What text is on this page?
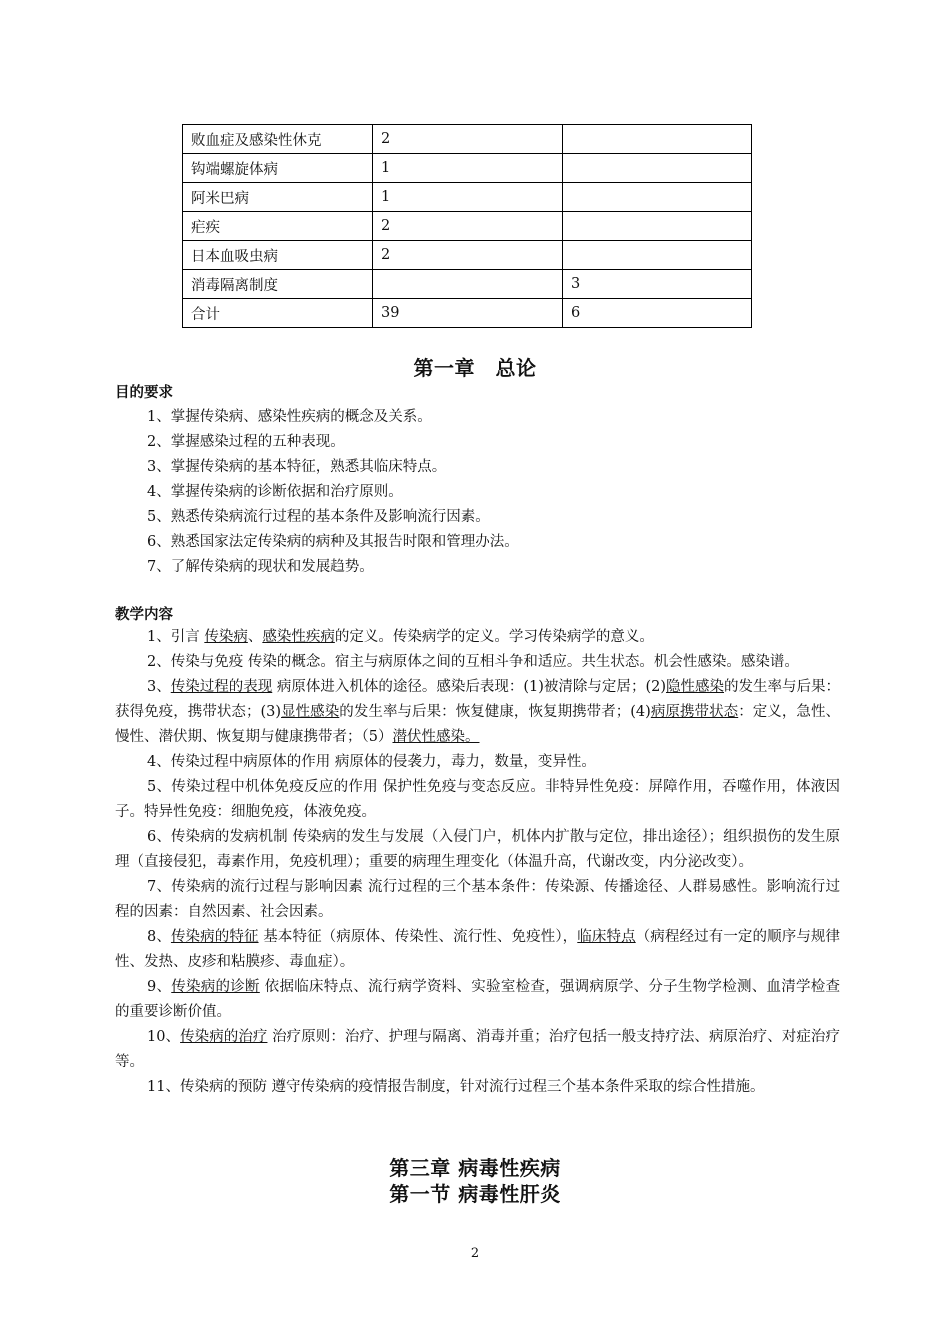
败血症及感染性休克	2	
钩端螺旋体病	1	
阿米巴病	1	
疟疾	2	
日本血吸虫病	2	
消毒隔离制度		3
合计	39	6
第一章　总论
目的要求
1、掌握传染病、感染性疾病的概念及关系。
2、掌握感染过程的五种表现。
3、掌握传染病的基本特征，熟悉其临床特点。
4、掌握传染病的诊断依据和治疗原则。
5、熟悉传染病流行过程的基本条件及影响流行因素。
6、熟悉国家法定传染病的病种及其报告时限和管理办法。
7、了解传染病的现状和发展趋势。
教学内容

1、引言 传染病、感染性疾病的定义。传染病学的定义。学习传染病学的意义。

2、传染与免疫 传染的概念。宿主与病原体之间的互相斗争和适应。共生状态。机会性感染。感染谱。

3、传染过程的表现 病原体进入机体的途径。感染后表现：(1)被清除与定居；(2)隐性感染的发生率与后果：获得免疫，携带状态；(3)显性感染的发生率与后果：恢复健康，恢复期携带者；(4)病原携带状态：定义，急性、慢性、潜伏期、恢复期与健康携带者；（5）潜伏性感染。

4、传染过程中病原体的作用 病原体的侵袭力，毒力，数量，变异性。

5、传染过程中机体免疫反应的作用 保护性免疫与变态反应。非特异性免疫：屏障作用，吞噬作用，体液因子。特异性免疫：细胞免疫，体液免疫。

6、传染病的发病机制 传染病的发生与发展（入侵门户，机体内扩散与定位，排出途径）；组织损伤的发生原理（直接侵犯，毒素作用，免疫机理）；重要的病理生理变化（体温升高，代谢改变，内分泌改变）。

7、传染病的流行过程与影响因素 流行过程的三个基本条件：传染源、传播途径、人群易感性。影响流行过程的因素：自然因素、社会因素。

8、传染病的特征 基本特征（病原体、传染性、流行性、免疫性），临床特点（病程经过有一定的顺序与规律性、发热、皮疹和粘膜疹、毒血症）。

9、传染病的诊断 依据临床特点、流行病学资料、实验室检查，强调病原学、分子生物学检测、血清学检查的重要诊断价值。

10、传染病的治疗 治疗原则：治疗、护理与隔离、消毒并重；治疗包括一般支持疗法、病原治疗、对症治疗等。

11、传染病的预防 遵守传染病的疫情报告制度，针对流行过程三个基本条件采取的综合性措施。

第三章 病毒性疾病
第一节 病毒性肝炎
2
